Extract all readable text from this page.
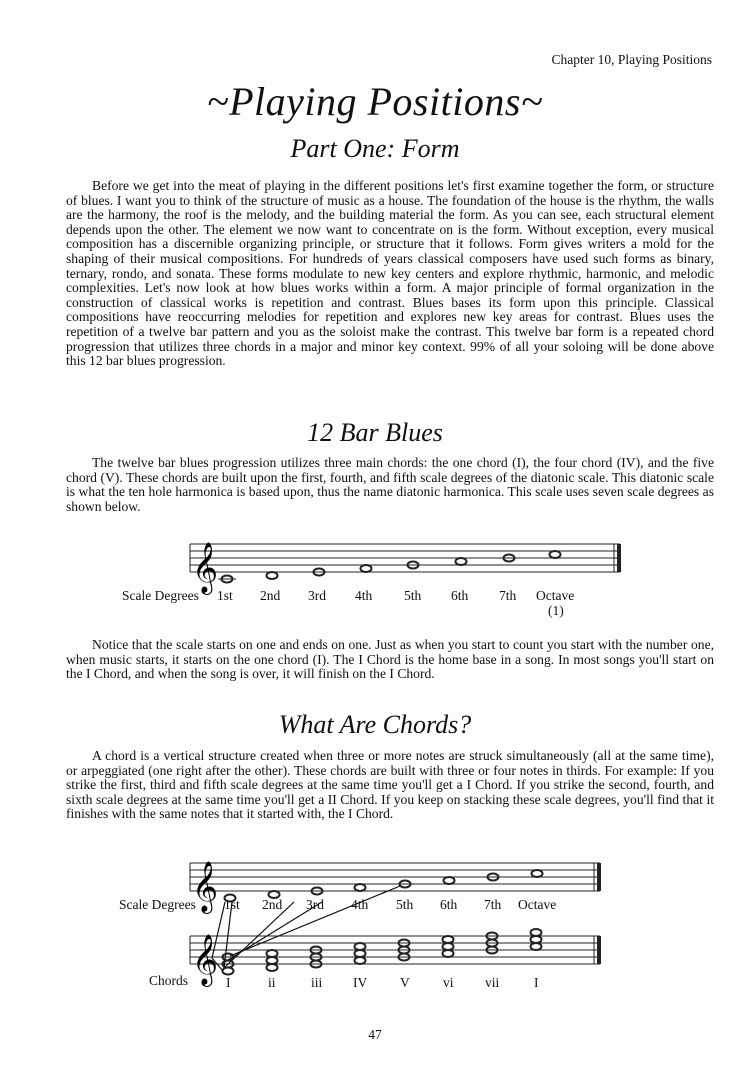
Chapter 10, Playing Positions
~Playing Positions~
Part One: Form
Before we get into the meat of playing in the different positions let's first examine together the form, or structure of blues. I want you to think of the structure of music as a house. The foundation of the house is the rhythm, the walls are the harmony, the roof is the melody, and the building material the form. As you can see, each structural element depends upon the other. The element we now want to concentrate on is the form. Without exception, every musical composition has a discernible organizing principle, or structure that it follows. Form gives writers a mold for the shaping of their musical compositions. For hundreds of years classical composers have used such forms as binary, ternary, rondo, and sonata. These forms modulate to new key centers and explore rhythmic, harmonic, and melodic complexities. Let's now look at how blues works within a form. A major principle of formal organization in the construction of classical works is repetition and contrast. Blues bases its form upon this principle. Classical compositions have reoccurring melodies for repetition and explores new key areas for contrast. Blues uses the repetition of a twelve bar pattern and you as the soloist make the contrast. This twelve bar form is a repeated chord progression that utilizes three chords in a major and minor key context. 99% of all your soloing will be done above this 12 bar blues progression.
12 Bar Blues
The twelve bar blues progression utilizes three main chords: the one chord (I), the four chord (IV), and the five chord (V). These chords are built upon the first, fourth, and fifth scale degrees of the diatonic scale. This diatonic scale is what the ten hole harmonica is based upon, thus the name diatonic harmonica. This scale uses seven scale degrees as shown below.
𝄞
Scale Degrees 1st 2nd 3rd 4th 5th 6th 7th Octave
(1)
Notice that the scale starts on one and ends on one. Just as when you start to count you start with the number one, when music starts, it starts on the one chord (I). The I Chord is the home base in a song. In most songs you'll start on the I Chord, and when the song is over, it will finish on the I Chord.
What Are Chords?
A chord is a vertical structure created when three or more notes are struck simultaneously (all at the same time), or arpeggiated (one right after the other). These chords are built with three or four notes in thirds. For example: If you strike the first, third and fifth scale degrees at the same time you'll get a I Chord. If you strike the second, fourth, and sixth scale degrees at the same time you'll get a II Chord. If you keep on stacking these scale degrees, you'll find that it finishes with the same notes that it started with, the I Chord.
𝄞
𝄞
Scale Degrees 1st 2nd 3rd 4th 5th 6th 7th Octave
Chords	I	ii	iii IV V vi vii	I
47
